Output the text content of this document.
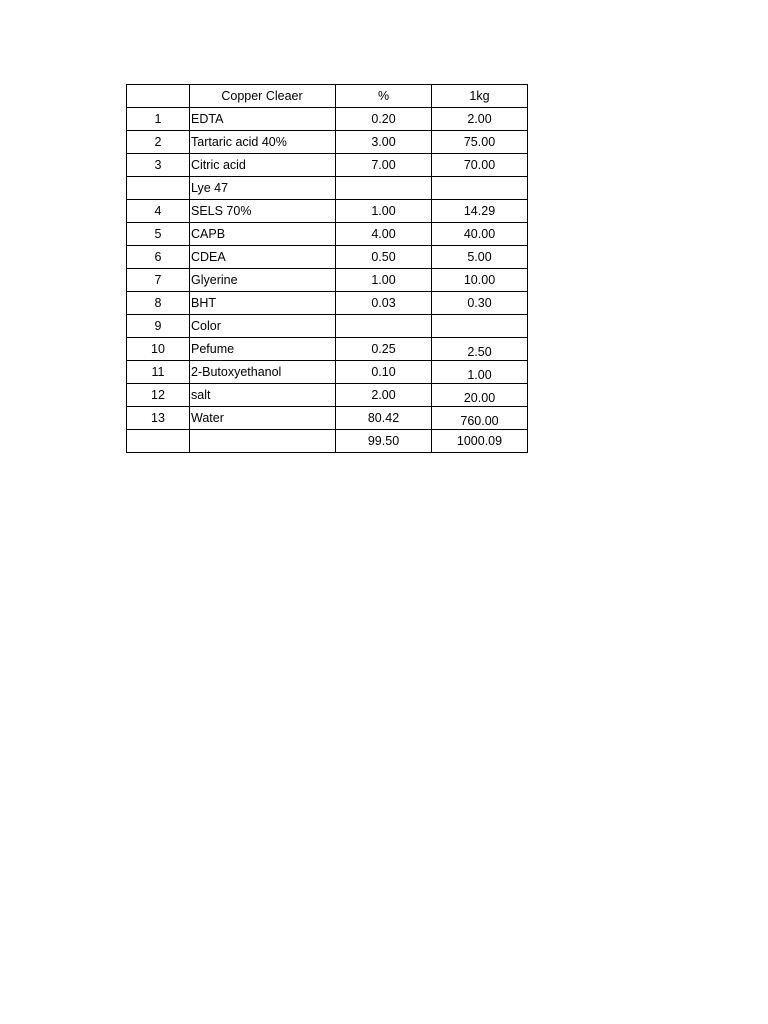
	Copper Cleaer	%	1kg
1	EDTA	0.20	2.00
2	Tartaric acid 40%	3.00	75.00
3	Citric acid	7.00	70.00
	Lye 47		
4	SELS 70%	1.00	14.29
5	CAPB	4.00	40.00
6	CDEA	0.50	5.00
7	Glyerine	1.00	10.00
8	BHT	0.03	0.30
9	Color		
10	Pefume	0.25	2.50
11	2-Butoxyethanol	0.10	1.00
12	salt	2.00	20.00
13	Water	80.42	760.00
		99.50	1000.09
